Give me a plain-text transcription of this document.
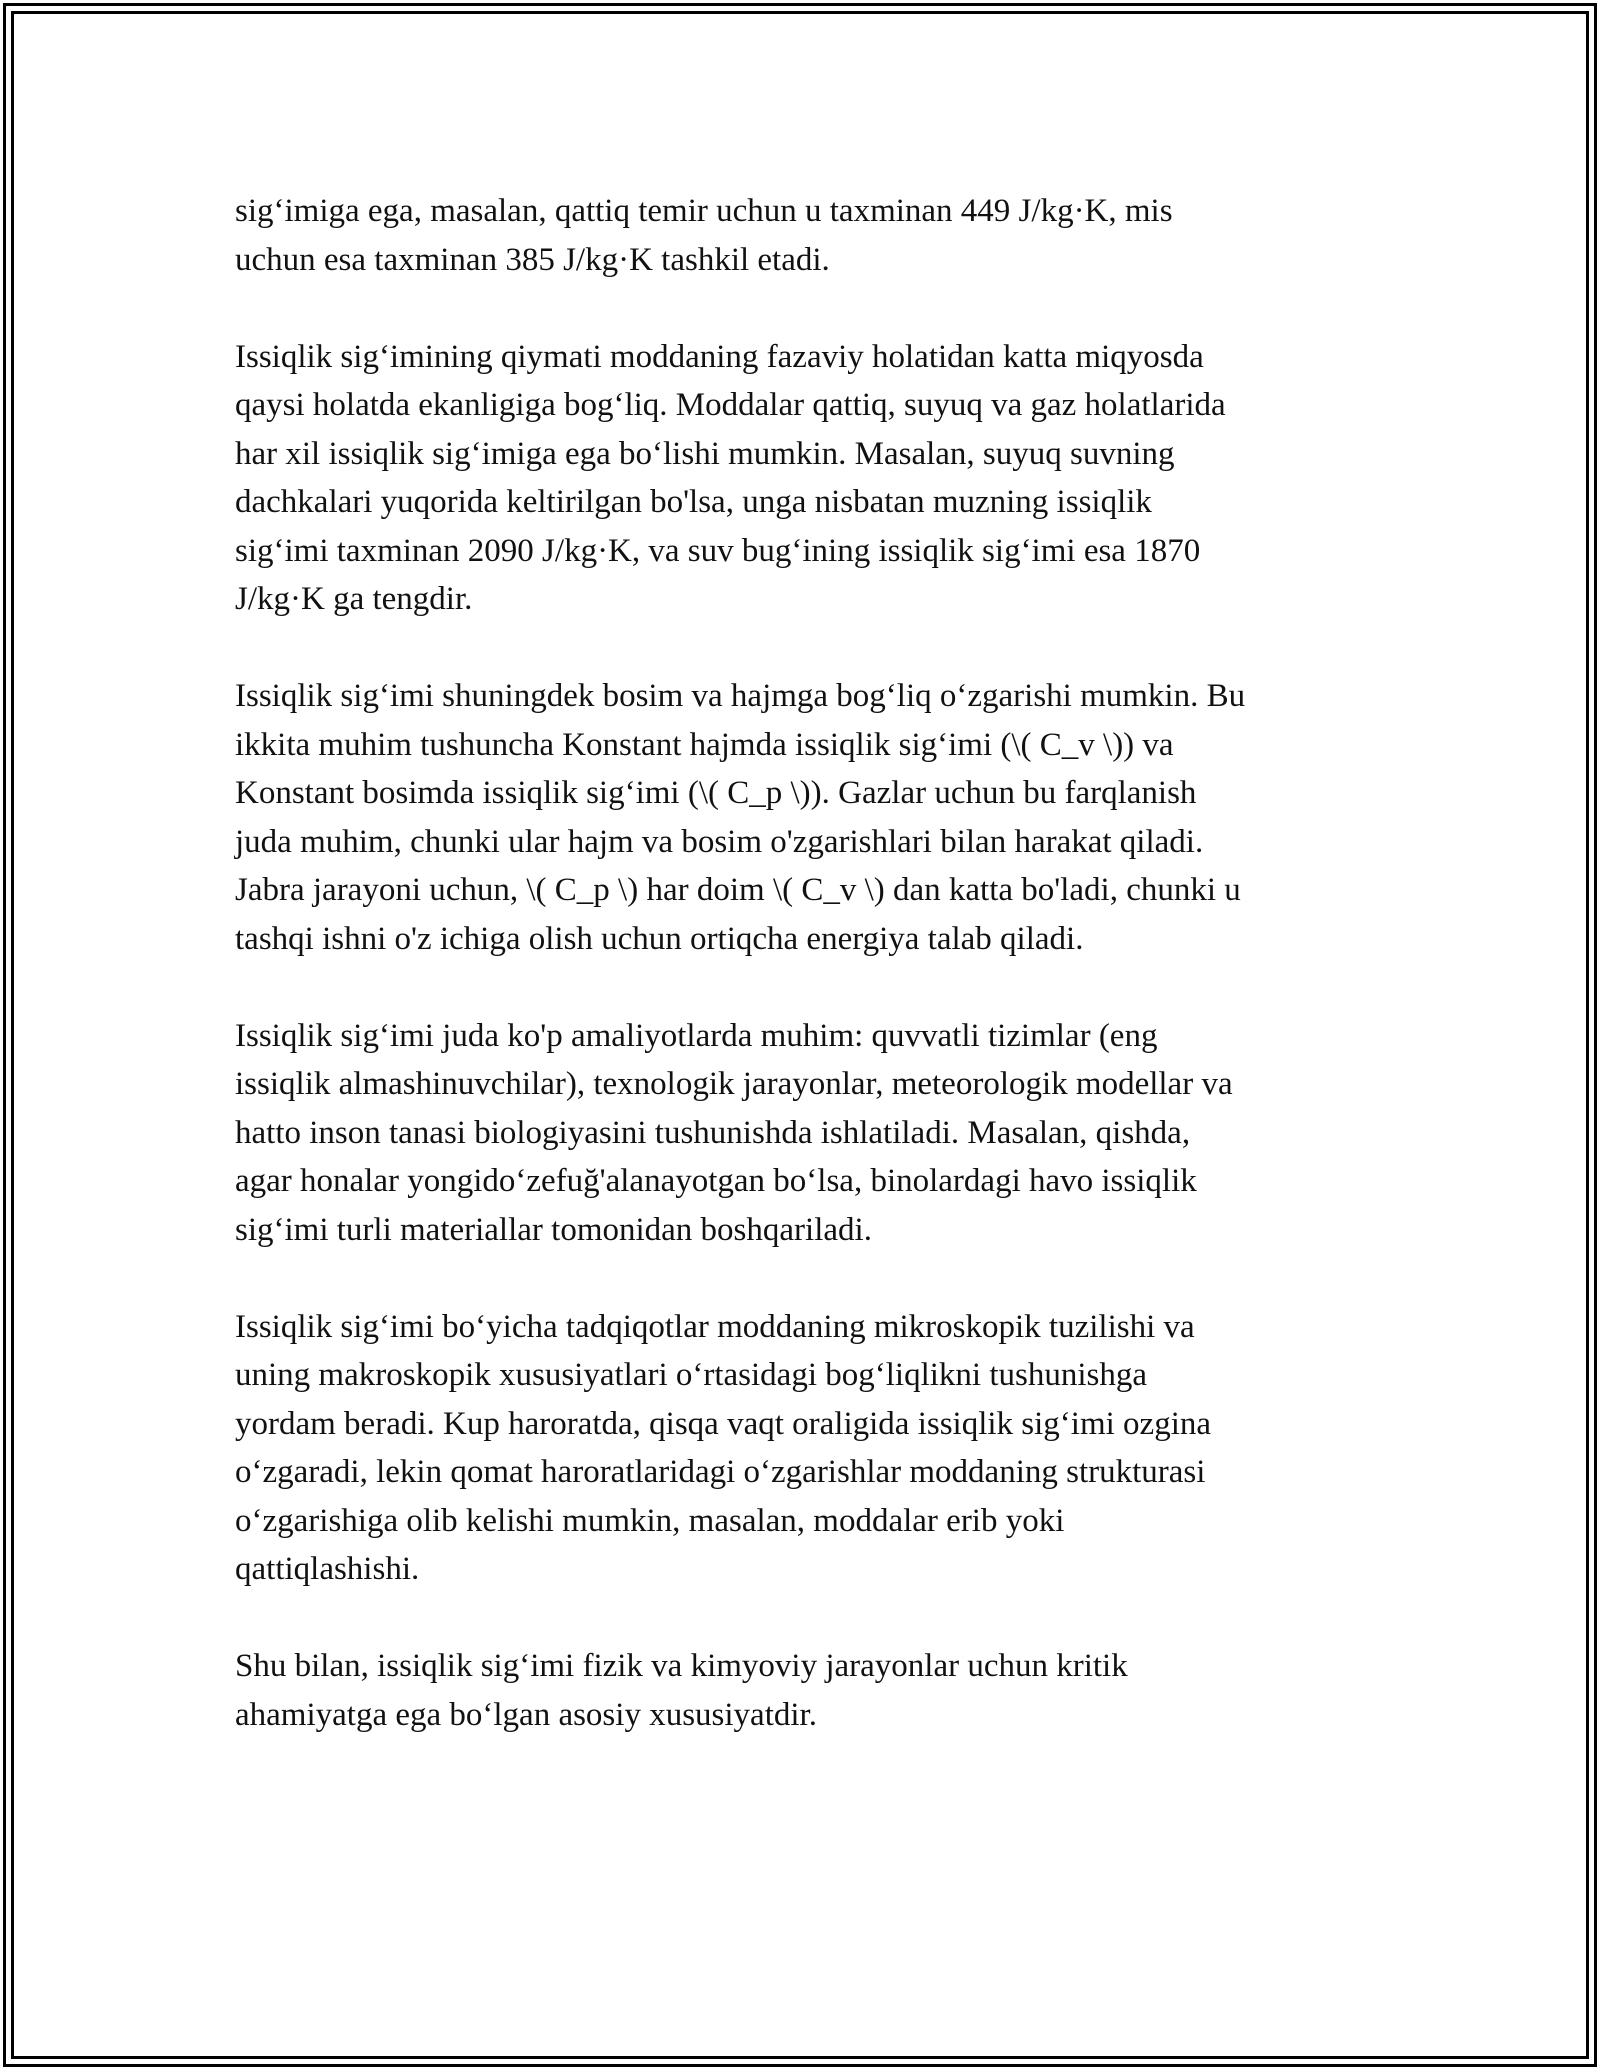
sig‘imiga ega, masalan, qattiq temir uchun u taxminan 449 J/kg·K, mis
uchun esa taxminan 385 J/kg·K tashkil etadi.

Issiqlik sig‘imining qiymati moddaning fazaviy holatidan katta miqyosda
qaysi holatda ekanligiga bog‘liq. Moddalar qattiq, suyuq va gaz holatlarida
har xil issiqlik sig‘imiga ega bo‘lishi mumkin. Masalan, suyuq suvning
dachkalari yuqorida keltirilgan bo'lsa, unga nisbatan muzning issiqlik
sig‘imi taxminan 2090 J/kg·K, va suv bug‘ining issiqlik sig‘imi esa 1870
J/kg·K ga tengdir.

Issiqlik sig‘imi shuningdek bosim va hajmga bog‘liq o‘zgarishi mumkin. Bu
ikkita muhim tushuncha Konstant hajmda issiqlik sig‘imi (\( C_v \)) va
Konstant bosimda issiqlik sig‘imi (\( C_p \)). Gazlar uchun bu farqlanish
juda muhim, chunki ular hajm va bosim o'zgarishlari bilan harakat qiladi.
Jabra jarayoni uchun, \( C_p \) har doim \( C_v \) dan katta bo'ladi, chunki u
tashqi ishni o'z ichiga olish uchun ortiqcha energiya talab qiladi.

Issiqlik sig‘imi juda ko'p amaliyotlarda muhim: quvvatli tizimlar (eng
issiqlik almashinuvchilar), texnologik jarayonlar, meteorologik modellar va
hatto inson tanasi biologiyasini tushunishda ishlatiladi. Masalan, qishda,
agar honalar yongido‘zefuğ'alanayotgan bo‘lsa, binolardagi havo issiqlik
sig‘imi turli materiallar tomonidan boshqariladi.

Issiqlik sig‘imi bo‘yicha tadqiqotlar moddaning mikroskopik tuzilishi va
uning makroskopik xususiyatlari o‘rtasidagi bog‘liqlikni tushunishga
yordam beradi. Kup haroratda, qisqa vaqt oraligida issiqlik sig‘imi ozgina
o‘zgaradi, lekin qomat haroratlaridagi o‘zgarishlar moddaning strukturasi
o‘zgarishiga olib kelishi mumkin, masalan, moddalar erib yoki
qattiqlashishi.

Shu bilan, issiqlik sig‘imi fizik va kimyoviy jarayonlar uchun kritik
ahamiyatga ega bo‘lgan asosiy xususiyatdir.
